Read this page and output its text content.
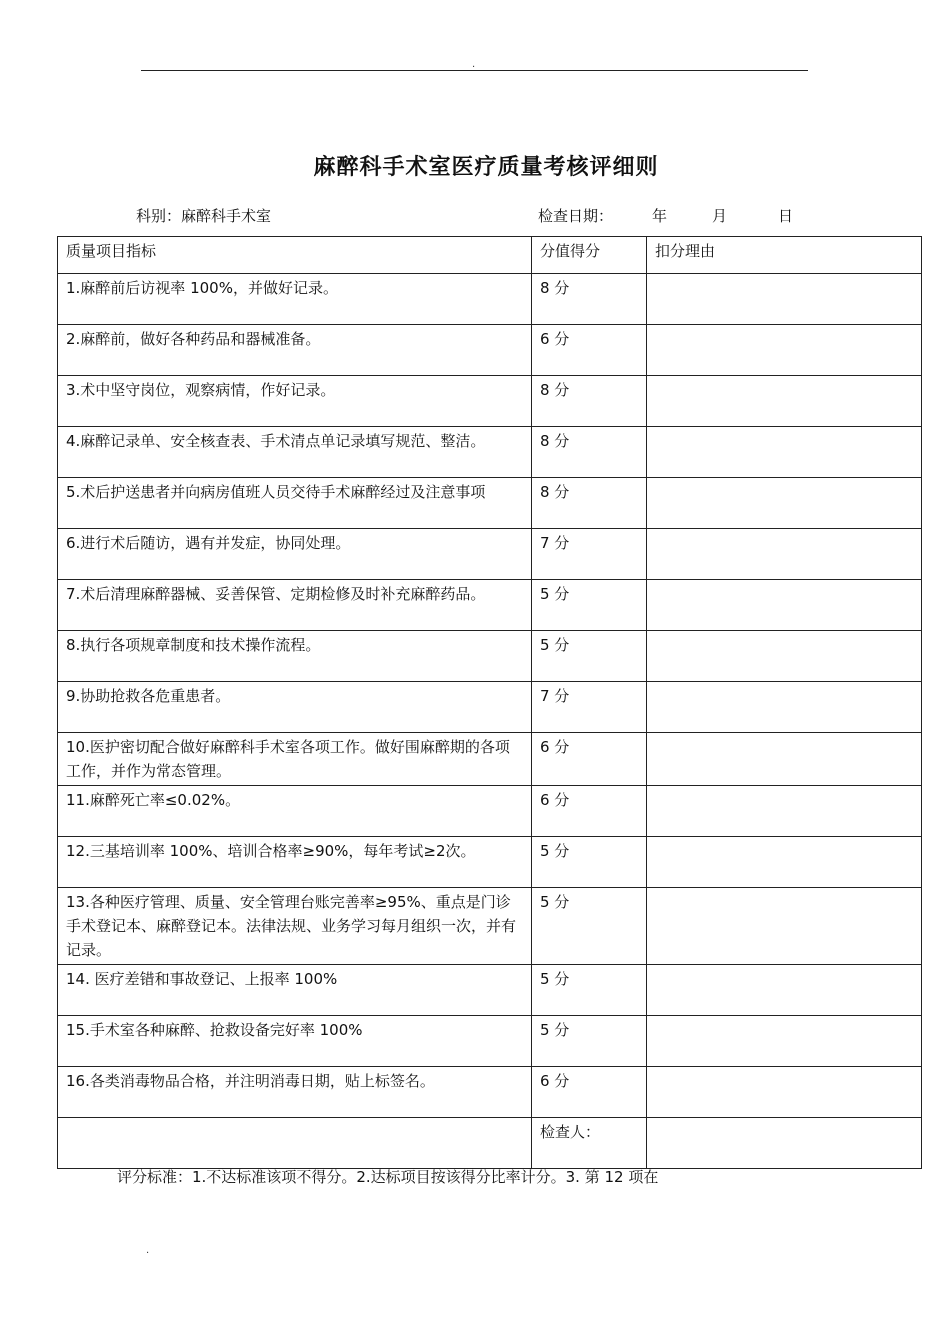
.
麻醉科手术室医疗质量考核评细则
科别：麻醉科手术室	检查日期：	年	月	日
质量项目指标	分值得分	扣分理由
1.麻醉前后访视率 100%，并做好记录。	8 分	
2.麻醉前，做好各种药品和器械准备。	6 分	
3.术中坚守岗位，观察病情，作好记录。	8 分	
4.麻醉记录单、安全核查表、手术清点单记录填写规范、整洁。	8 分	
5.术后护送患者并向病房值班人员交待手术麻醉经过及注意事项	8 分	
6.进行术后随访，遇有并发症，协同处理。	7 分	
7.术后清理麻醉器械、妥善保管、定期检修及时补充麻醉药品。	5 分	
8.执行各项规章制度和技术操作流程。	5 分	
9.协助抢救各危重患者。	7 分	
10.医护密切配合做好麻醉科手术室各项工作。做好围麻醉期的各项工作，并作为常态管理。	6 分	
11.麻醉死亡率≤0.02%。	6 分	
12.三基培训率 100%、培训合格率≥90%，每年考试≥2次。	5 分	
13.各种医疗管理、质量、安全管理台账完善率≥95%、重点是门诊手术登记本、麻醉登记本。法律法规、业务学习每月组织一次，并有记录。	5 分	
14. 医疗差错和事故登记、上报率 100%	5 分	
15.手术室各种麻醉、抢救设备完好率 100%	5 分	
16.各类消毒物品合格，并注明消毒日期，贴上标签名。	6 分	
	检查人：	
评分标准：1.不达标准该项不得分。2.达标项目按该得分比率计分。3. 第 12 项在
.
